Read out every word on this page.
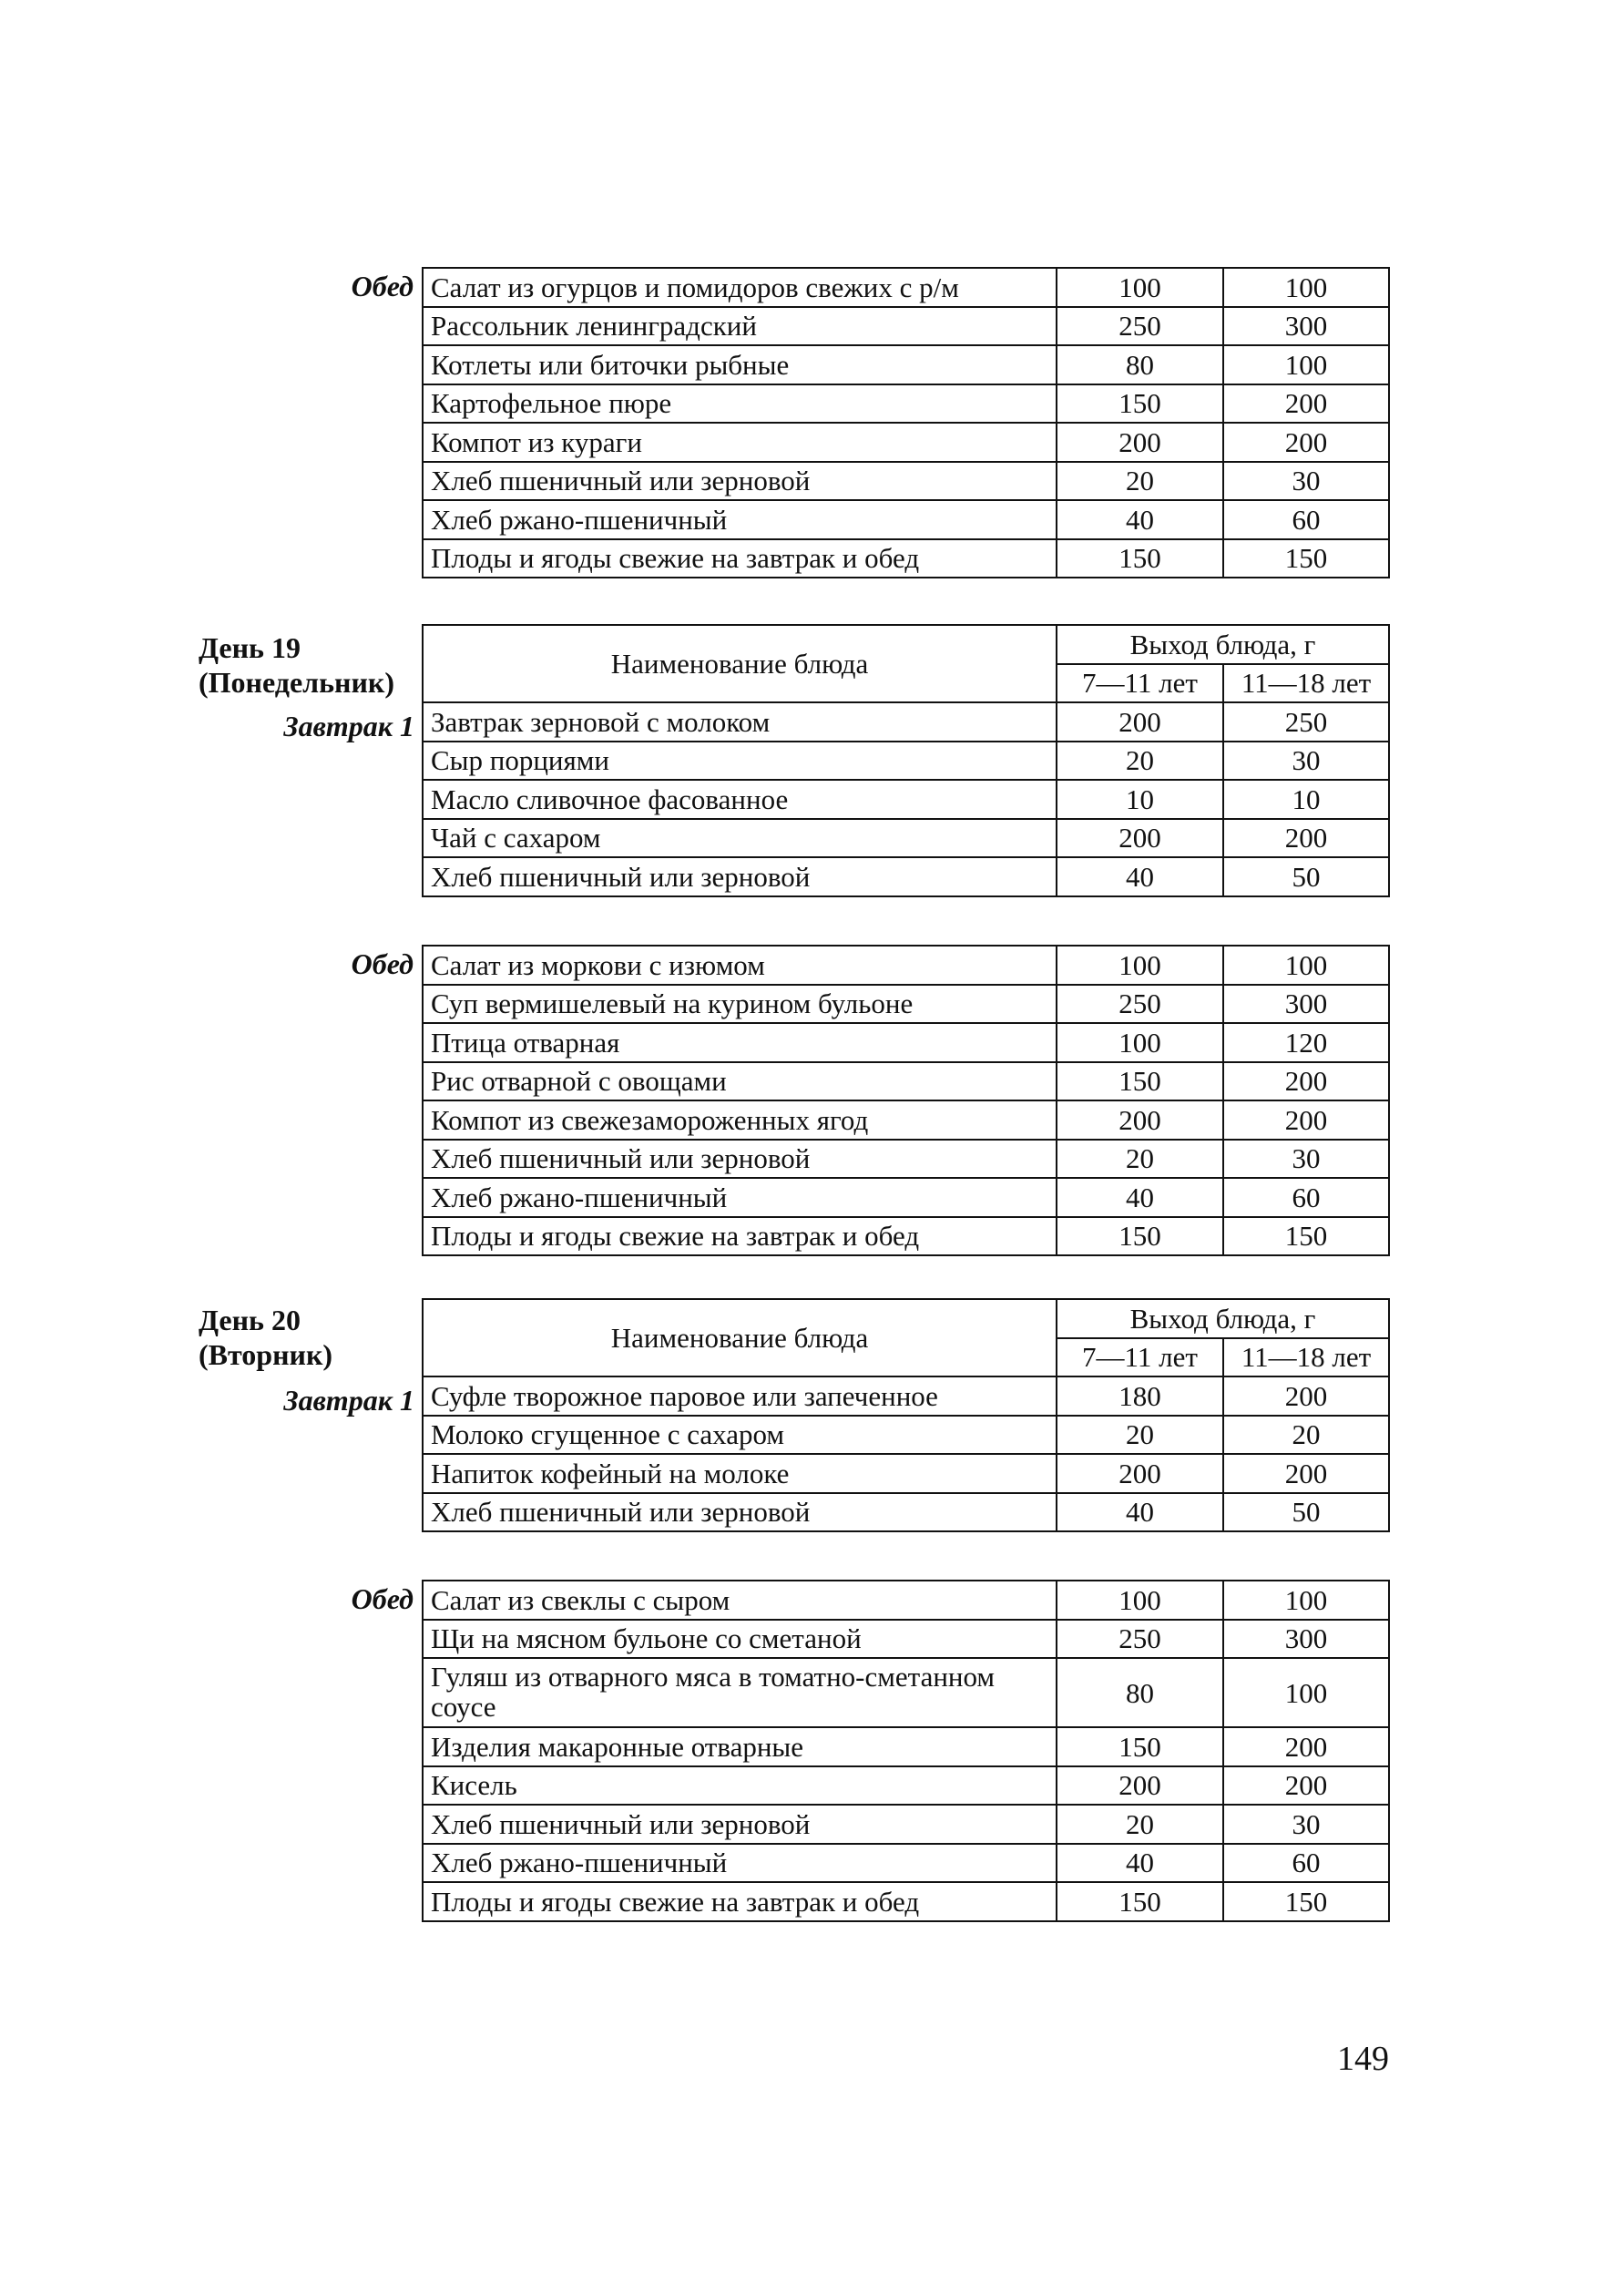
Обед Салат из огурцов и помидоров свежих с р/м	100	100
Рассольник ленинградский	250	300
Котлеты или биточки рыбные	80	100
Картофельное пюре	150	200
Компот из кураги	200	200
Хлеб пшеничный или зерновой	20	30
Хлеб ржано-пшеничный	40	60
Плоды и ягоды свежие на завтрак и обед	150	150
День 19
(Понедельник)
Завтрак 1
Наименование блюда	Выход блюда, г	
	7—11 лет	11—18 лет
Завтрак зерновой с молоком	200	250
Сыр порциями	20	30
Масло сливочное фасованное	10	10
Чай с сахаром	200	200
Хлеб пшеничный или зерновой	40	50
Обед Салат из моркови с изюмом	100	100
Суп вермишелевый на курином бульоне	250	300
Птица отварная	100	120
Рис отварной с овощами	150	200
Компот из свежезамороженных ягод	200	200
Хлеб пшеничный или зерновой	20	30
Хлеб ржано-пшеничный	40	60
Плоды и ягоды свежие на завтрак и обед	150	150
День 20
(Вторник)
Завтрак 1
Наименование блюда	Выход блюда, г	
	7—11 лет	11—18 лет
Суфле творожное паровое или запеченное	180	200
Молоко сгущенное с сахаром	20	20
Напиток кофейный на молоке	200	200
Хлеб пшеничный или зерновой	40	50
Обед Салат из свеклы с сыром	100	100
Щи на мясном бульоне со сметаной	250	300
Гуляш из отварного мяса в томатно-сметанном соусе	80	100
Изделия макаронные отварные	150	200
Кисель	200	200
Хлеб пшеничный или зерновой	20	30
Хлеб ржано-пшеничный	40	60
Плоды и ягоды свежие на завтрак и обед	150	150
149
